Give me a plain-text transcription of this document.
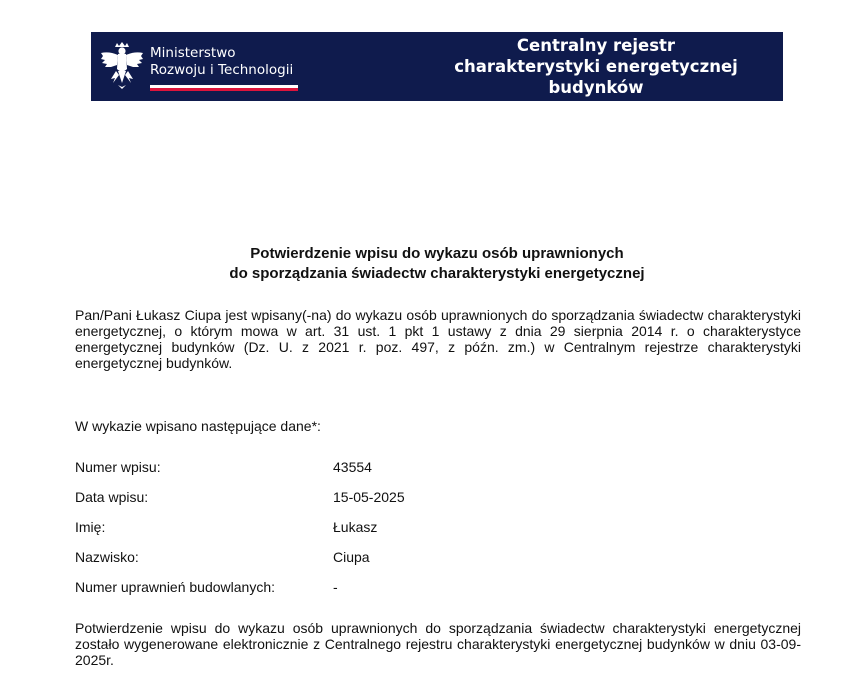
Ministerstwo
Rozwoju i Technologii
Centralny rejestr charakterystyki energetycznej budynków
Potwierdzenie wpisu do wykazu osób uprawnionych
do sporządzania świadectw charakterystyki energetycznej
Pan/Pani Łukasz Ciupa jest wpisany(-na) do wykazu osób uprawnionych do sporządzania świadectw charakterystyki energetycznej, o którym mowa w art. 31 ust. 1 pkt 1 ustawy z dnia 29 sierpnia 2014 r. o charakterystyce energetycznej budynków (Dz. U. z 2021 r. poz. 497, z późn. zm.) w Centralnym rejestrze charakterystyki energetycznej budynków.
W wykazie wpisano następujące dane*:
Numer wpisu:	43554
Data wpisu:	15-05-2025
Imię:	Łukasz
Nazwisko:	Ciupa
Numer uprawnień budowlanych:	-
Potwierdzenie wpisu do wykazu osób uprawnionych do sporządzania świadectw charakterystyki energetycznej zostało wygenerowane elektronicznie z Centralnego rejestru charakterystyki energetycznej budynków w dniu 03-09-2025r.
